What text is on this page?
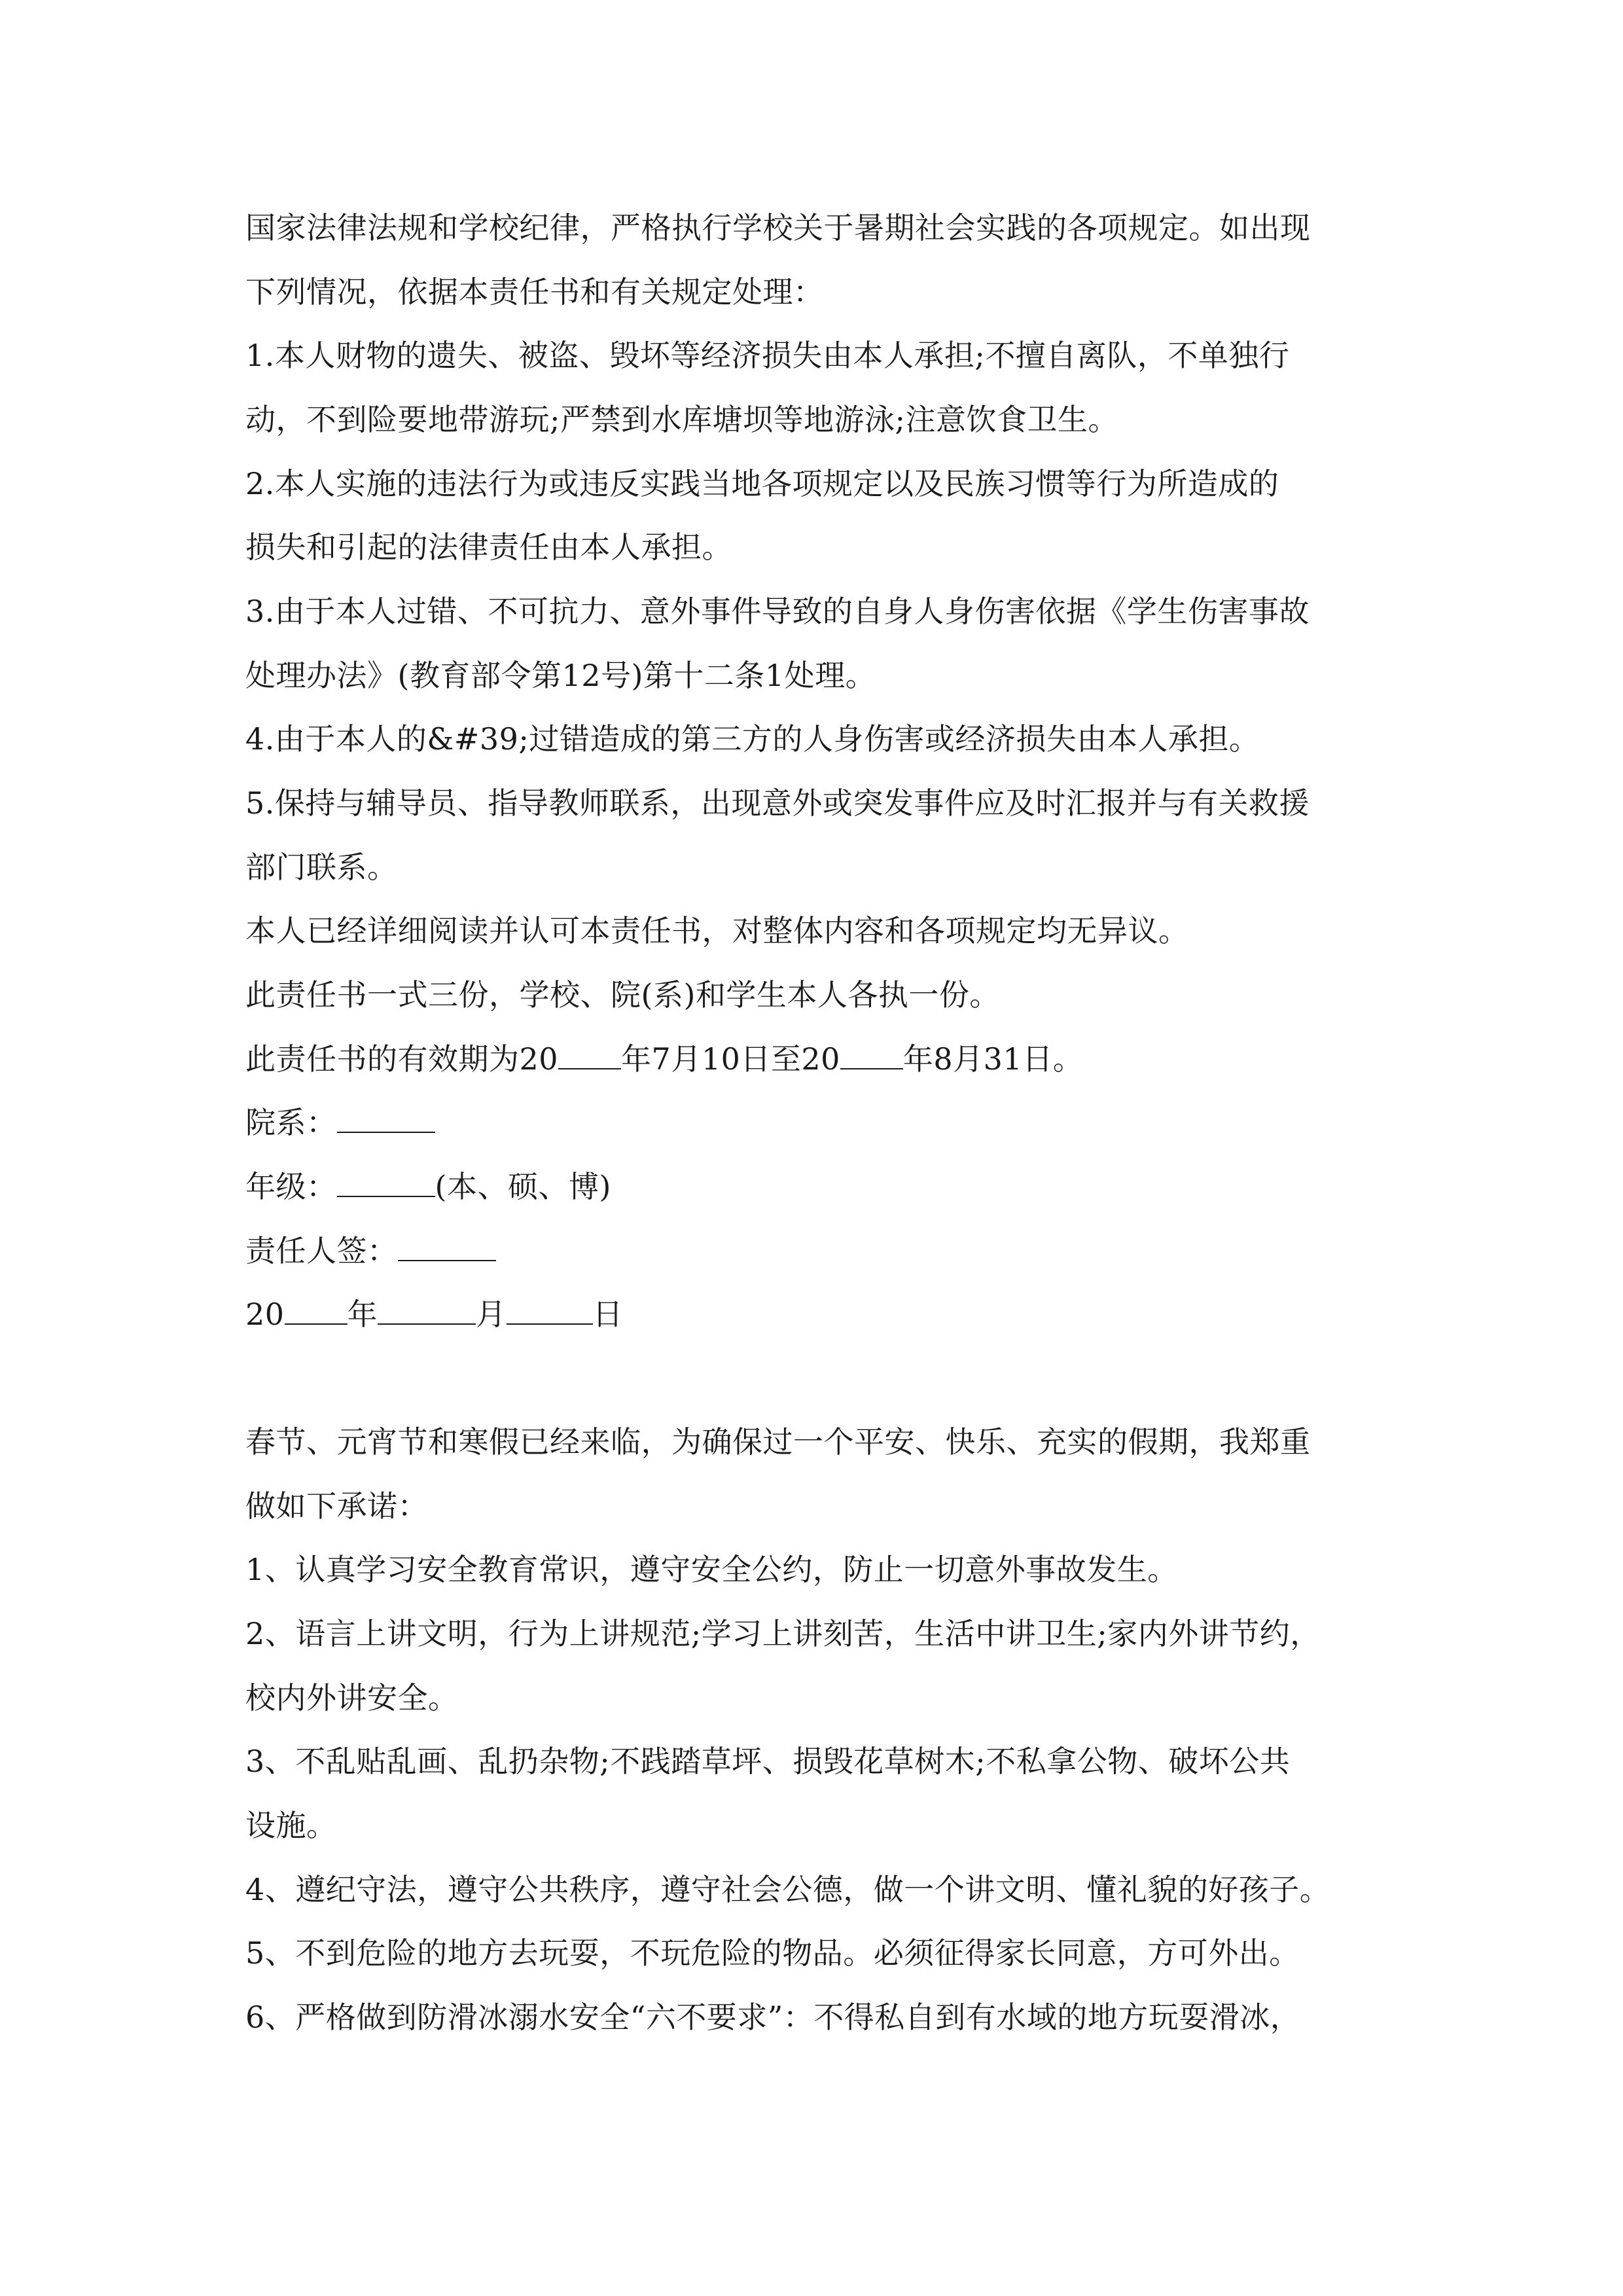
国家法律法规和学校纪律，严格执行学校关于暑期社会实践的各项规定。如出现
下列情况，依据本责任书和有关规定处理：
1.本人财物的遗失、被盗、毁坏等经济损失由本人承担;不擅自离队，不单独行
动，不到险要地带游玩;严禁到水库塘坝等地游泳;注意饮食卫生。
2.本人实施的违法行为或违反实践当地各项规定以及民族习惯等行为所造成的
损失和引起的法律责任由本人承担。
3.由于本人过错、不可抗力、意外事件导致的自身人身伤害依据《学生伤害事故
处理办法》(教育部令第12号)第十二条1处理。
4.由于本人的&#39;过错造成的第三方的人身伤害或经济损失由本人承担。
5.保持与辅导员、指导教师联系，出现意外或突发事件应及时汇报并与有关救援
部门联系。
本人已经详细阅读并认可本责任书，对整体内容和各项规定均无异议。
此责任书一式三份，学校、院(系)和学生本人各执一份。
此责任书的有效期为20 年7月10日至20 年8月31日。
院系：
年级：	(本、硕、博)
责任人签：
20 年	月	日
春节、元宵节和寒假已经来临，为确保过一个平安、快乐、充实的假期，我郑重
做如下承诺：
1、认真学习安全教育常识，遵守安全公约，防止一切意外事故发生。
2、语言上讲文明，行为上讲规范;学习上讲刻苦，生活中讲卫生;家内外讲节约，
校内外讲安全。
3、不乱贴乱画、乱扔杂物;不践踏草坪、损毁花草树木;不私拿公物、破坏公共
设施。
4、遵纪守法，遵守公共秩序，遵守社会公德，做一个讲文明、懂礼貌的好孩子。
5、不到危险的地方去玩耍，不玩危险的物品。必须征得家长同意，方可外出。
6、严格做到防滑冰溺水安全“六不要求”：不得私自到有水域的地方玩耍滑冰，
